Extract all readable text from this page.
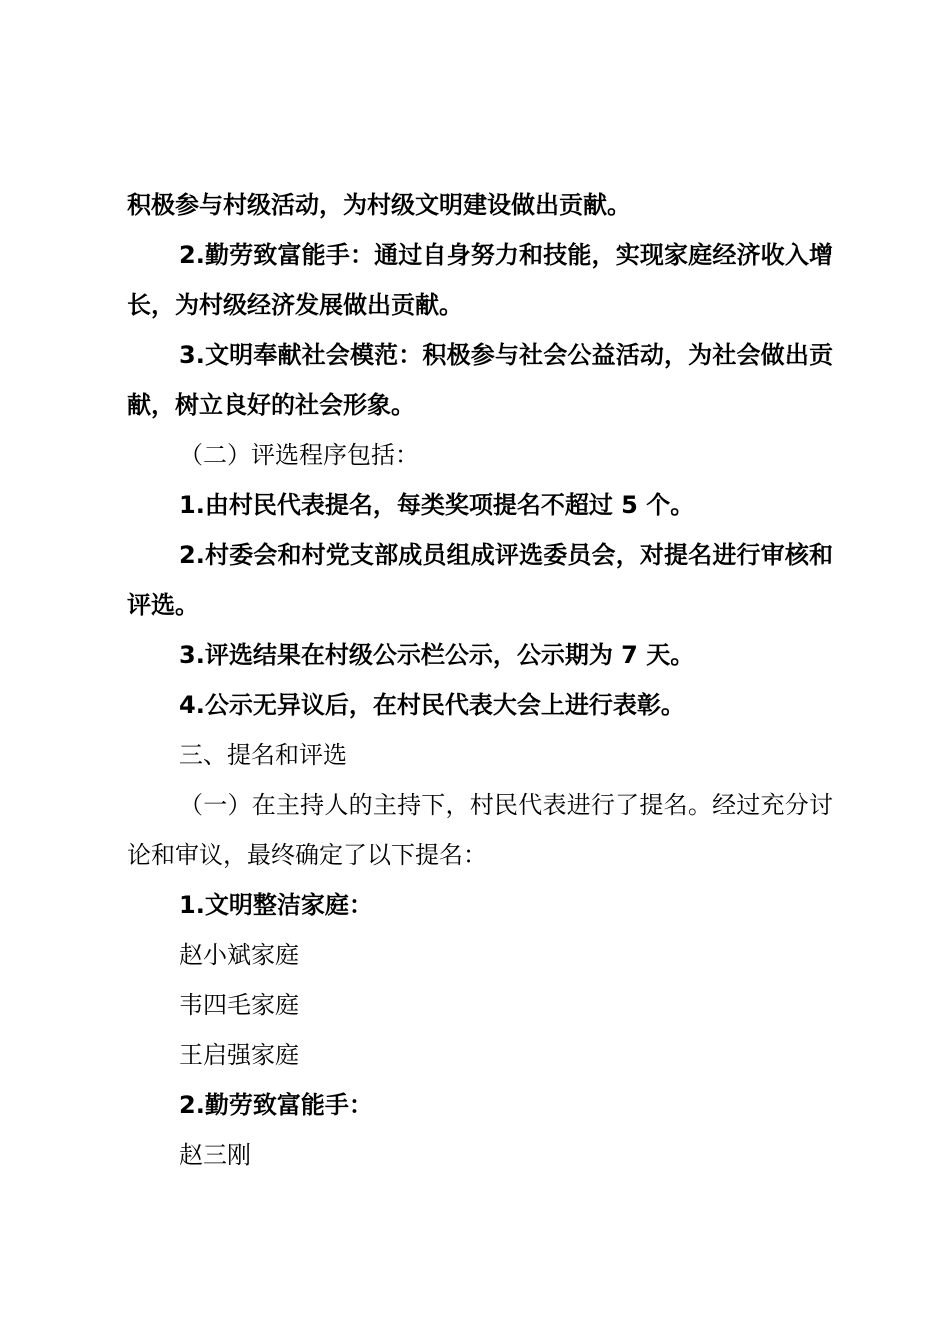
积极参与村级活动，为村级文明建设做出贡献。

2.勤劳致富能手：通过自身努力和技能，实现家庭经济收入增长，为村级经济发展做出贡献。

3.文明奉献社会模范：积极参与社会公益活动，为社会做出贡献，树立良好的社会形象。

（二）评选程序包括：

1.由村民代表提名，每类奖项提名不超过 5 个。

2.村委会和村党支部成员组成评选委员会，对提名进行审核和评选。

3.评选结果在村级公示栏公示，公示期为 7 天。

4.公示无异议后，在村民代表大会上进行表彰。

三、提名和评选

（一）在主持人的主持下，村民代表进行了提名。经过充分讨论和审议，最终确定了以下提名：

1.文明整洁家庭：

赵小斌家庭

韦四毛家庭

王启强家庭

2.勤劳致富能手：

赵三刚
